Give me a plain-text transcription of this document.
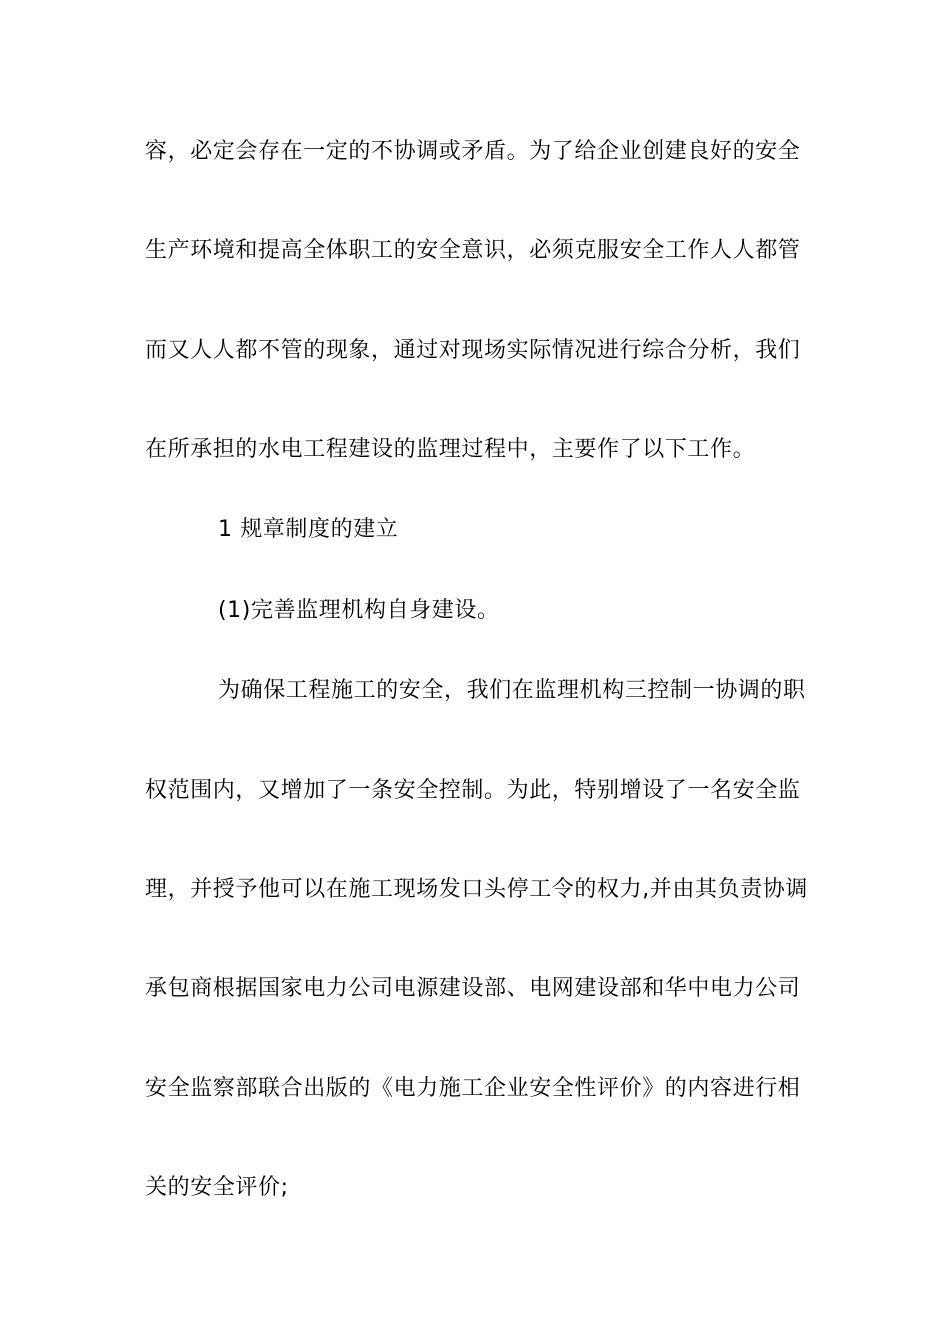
容，必定会存在一定的不协调或矛盾。为了给企业创建良好的安全
生产环境和提高全体职工的安全意识，必须克服安全工作人人都管
而又人人都不管的现象，通过对现场实际情况进行综合分析，我们
在所承担的水电工程建设的监理过程中，主要作了以下工作。
1 规章制度的建立
(1)完善监理机构自身建设。
为确保工程施工的安全，我们在监理机构三控制一协调的职
权范围内，又增加了一条安全控制。为此，特别增设了一名安全监
理，并授予他可以在施工现场发口头停工令的权力,并由其负责协调
承包商根据国家电力公司电源建设部、电网建设部和华中电力公司
安全监察部联合出版的《电力施工企业安全性评价》的内容进行相
关的安全评价;
